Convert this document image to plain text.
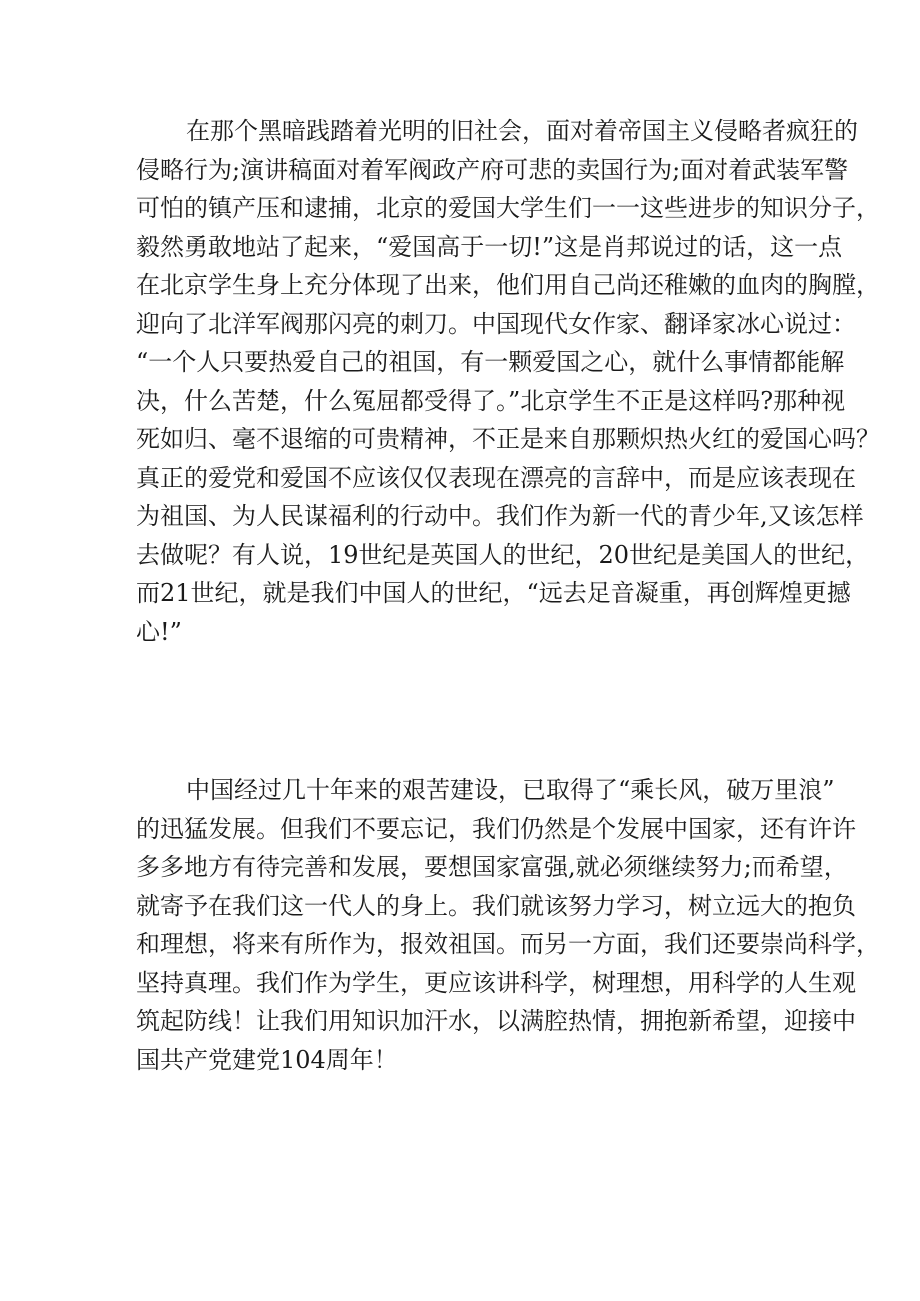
在那个黑暗践踏着光明的旧社会，面对着帝国主义侵略者疯狂的
侵略行为;演讲稿面对着军阀政产府可悲的卖国行为;面对着武装军警
可怕的镇产压和逮捕，北京的爱国大学生们一一这些进步的知识分子，
毅然勇敢地站了起来，“爱国高于一切!”这是肖邦说过的话，这一点
在北京学生身上充分体现了出来，他们用自己尚还稚嫩的血肉的胸膛，
迎向了北洋军阀那闪亮的刺刀。中国现代女作家、翻译家冰心说过：
“一个人只要热爱自己的祖国，有一颗爱国之心，就什么事情都能解
决，什么苦楚，什么冤屈都受得了。”北京学生不正是这样吗?那种视
死如归、毫不退缩的可贵精神，不正是来自那颗炽热火红的爱国心吗？
真正的爱党和爱国不应该仅仅表现在漂亮的言辞中，而是应该表现在
为祖国、为人民谋福利的行动中。我们作为新一代的青少年,又该怎样
去做呢？有人说，19世纪是英国人的世纪，20世纪是美国人的世纪，
而21世纪，就是我们中国人的世纪，“远去足音凝重，再创辉煌更撼
心!”
中国经过几十年来的艰苦建设，已取得了“乘长风，破万里浪”
的迅猛发展。但我们不要忘记，我们仍然是个发展中国家，还有许许
多多地方有待完善和发展，要想国家富强,就必须继续努力;而希望，
就寄予在我们这一代人的身上。我们就该努力学习，树立远大的抱负
和理想，将来有所作为，报效祖国。而另一方面，我们还要崇尚科学，
坚持真理。我们作为学生，更应该讲科学，树理想，用科学的人生观
筑起防线！让我们用知识加汗水，以满腔热情，拥抱新希望，迎接中
国共产党建党104周年！
